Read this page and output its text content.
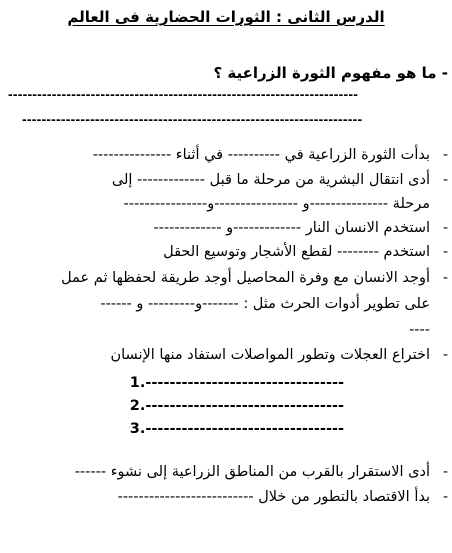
الدرس الثانى : الثورات الحضارية فى العالم
- ما هو مفهوم الثورة الزراعية ؟
------------------------------------------------------------------------
----------------------------------------------------------------------
-
بدأت الثورة الزراعية في ---------- في أثناء ---------------
-
أدى انتقال البشرية من مرحلة ما قبل ------------- إلى
مرحلة ---------------و ----------------و----------------
-
استخدم الانسان النار -------------و -------------
-
استخدم -------- لقطع الأشجار وتوسيع الحقل
-
أوجد الانسان مع وفرة المحاصيل أوجد طريقة لحفظها ثم عمل
على تطوير أدوات الحرث مثل : -------و--------- و ------
----
-
اختراع العجلات وتطور المواصلات استفاد منها الإنسان
---------------------------------.1
---------------------------------.2
---------------------------------.3
-
أدى الاستقرار بالقرب من المناطق الزراعية إلى نشوء ------
-
بدأ الاقتصاد بالتطور من خلال --------------------------
